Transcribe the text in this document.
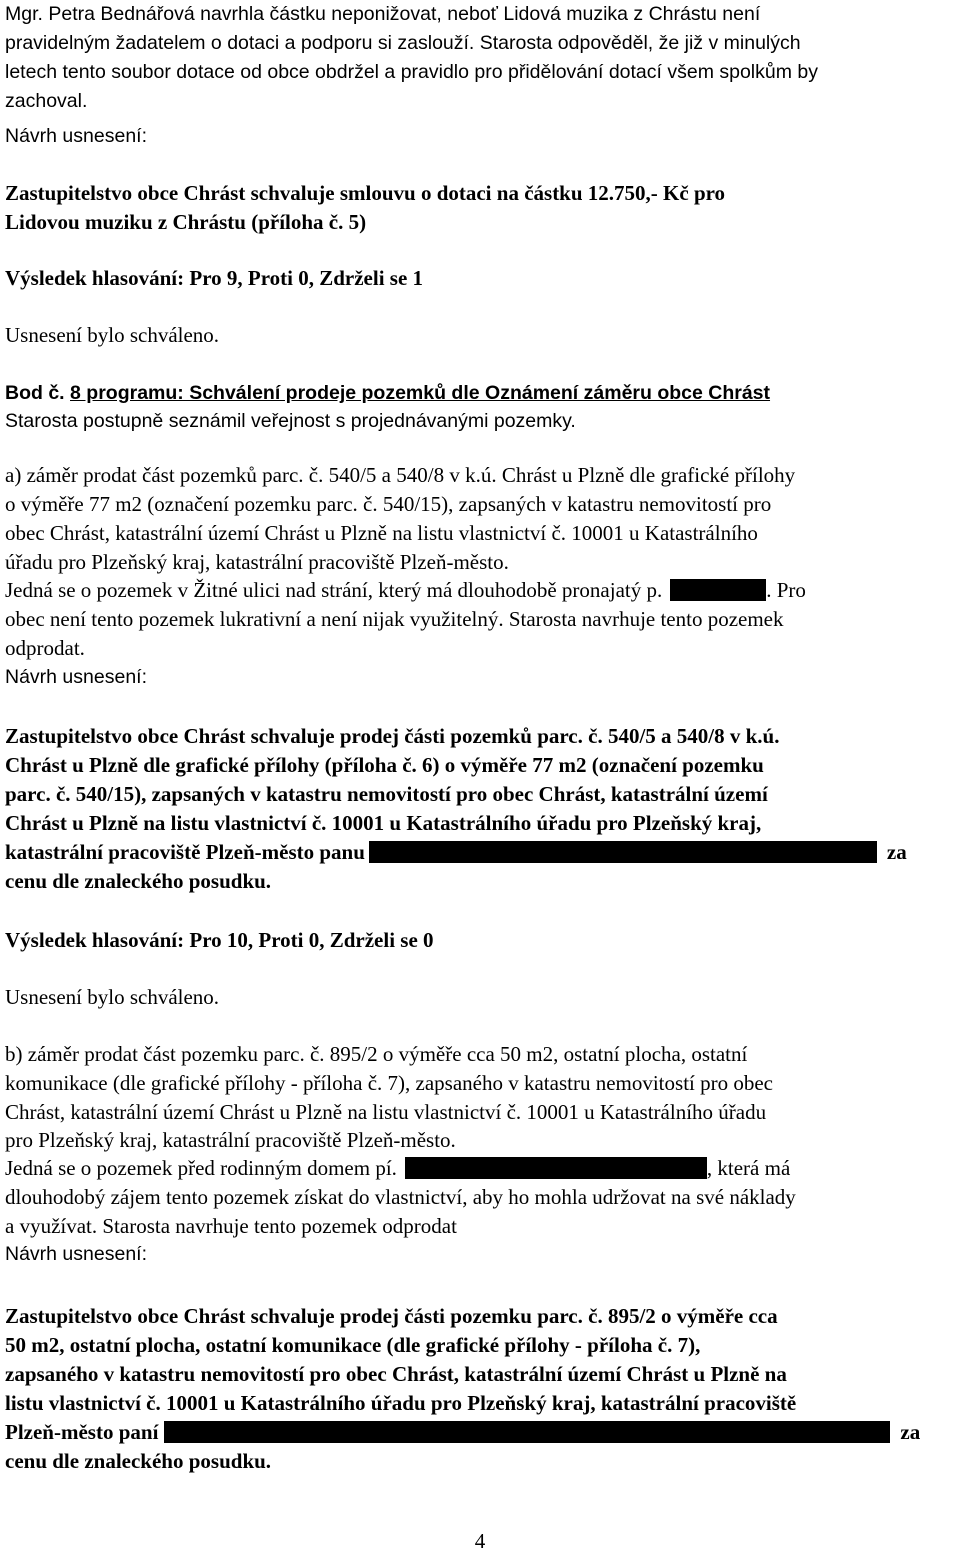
Mgr. Petra Bednářová navrhla částku neponižovat, neboť Lidová muzika z Chrástu není
pravidelným žadatelem o dotaci a podporu si zaslouží. Starosta odpověděl, že již v minulých
letech tento soubor dotace od obce obdržel a pravidlo pro přidělování dotací všem spolkům by
zachoval.
Návrh usnesení:
Zastupitelstvo obce Chrást schvaluje smlouvu o dotaci na částku 12.750,- Kč pro
Lidovou muziku z Chrástu (příloha č. 5)
Výsledek hlasování: Pro 9, Proti 0, Zdrželi se 1
Usnesení bylo schváleno.
Bod č. 8 programu: Schválení prodeje pozemků dle Oznámení záměru obce Chrást
Starosta postupně seznámil veřejnost s projednávanými pozemky.
a) záměr prodat část pozemků parc. č. 540/5 a 540/8 v k.ú. Chrást u Plzně dle grafické přílohy
o výměře 77 m2 (označení pozemku parc. č. 540/15), zapsaných v katastru nemovitostí pro
obec Chrást, katastrální území Chrást u Plzně na listu vlastnictví č. 10001 u Katastrálního
úřadu pro Plzeňský kraj, katastrální pracoviště Plzeň-město.
Jedná se o pozemek v Žitné ulici nad strání, který má dlouhodobě pronajatý p.	. Pro
obec není tento pozemek lukrativní a není nijak využitelný. Starosta navrhuje tento pozemek
odprodat.
Návrh usnesení:
Zastupitelstvo obce Chrást schvaluje prodej části pozemků parc. č. 540/5 a 540/8 v k.ú.
Chrást u Plzně dle grafické přílohy (příloha č. 6) o výměře 77 m2 (označení pozemku
parc. č. 540/15), zapsaných v katastru nemovitostí pro obec Chrást, katastrální území
Chrást u Plzně na listu vlastnictví č. 10001 u Katastrálního úřadu pro Plzeňský kraj,
katastrální pracoviště Plzeň-město panu	za
cenu dle znaleckého posudku.
Výsledek hlasování: Pro 10, Proti 0, Zdrželi se 0
Usnesení bylo schváleno.
b) záměr prodat část pozemku parc. č. 895/2 o výměře cca 50 m2, ostatní plocha, ostatní
komunikace (dle grafické přílohy - příloha č. 7), zapsaného v katastru nemovitostí pro obec
Chrást, katastrální území Chrást u Plzně na listu vlastnictví č. 10001 u Katastrálního úřadu
pro Plzeňský kraj, katastrální pracoviště Plzeň-město.
Jedná se o pozemek před rodinným domem pí.	, která má
dlouhodobý zájem tento pozemek získat do vlastnictví, aby ho mohla udržovat na své náklady
a využívat. Starosta navrhuje tento pozemek odprodat
Návrh usnesení:
Zastupitelstvo obce Chrást schvaluje prodej části pozemku parc. č. 895/2 o výměře cca
50 m2, ostatní plocha, ostatní komunikace (dle grafické přílohy - příloha č. 7),
zapsaného v katastru nemovitostí pro obec Chrást, katastrální území Chrást u Plzně na
listu vlastnictví č. 10001 u Katastrálního úřadu pro Plzeňský kraj, katastrální pracoviště
Plzeň-město paní	za
cenu dle znaleckého posudku.
4
